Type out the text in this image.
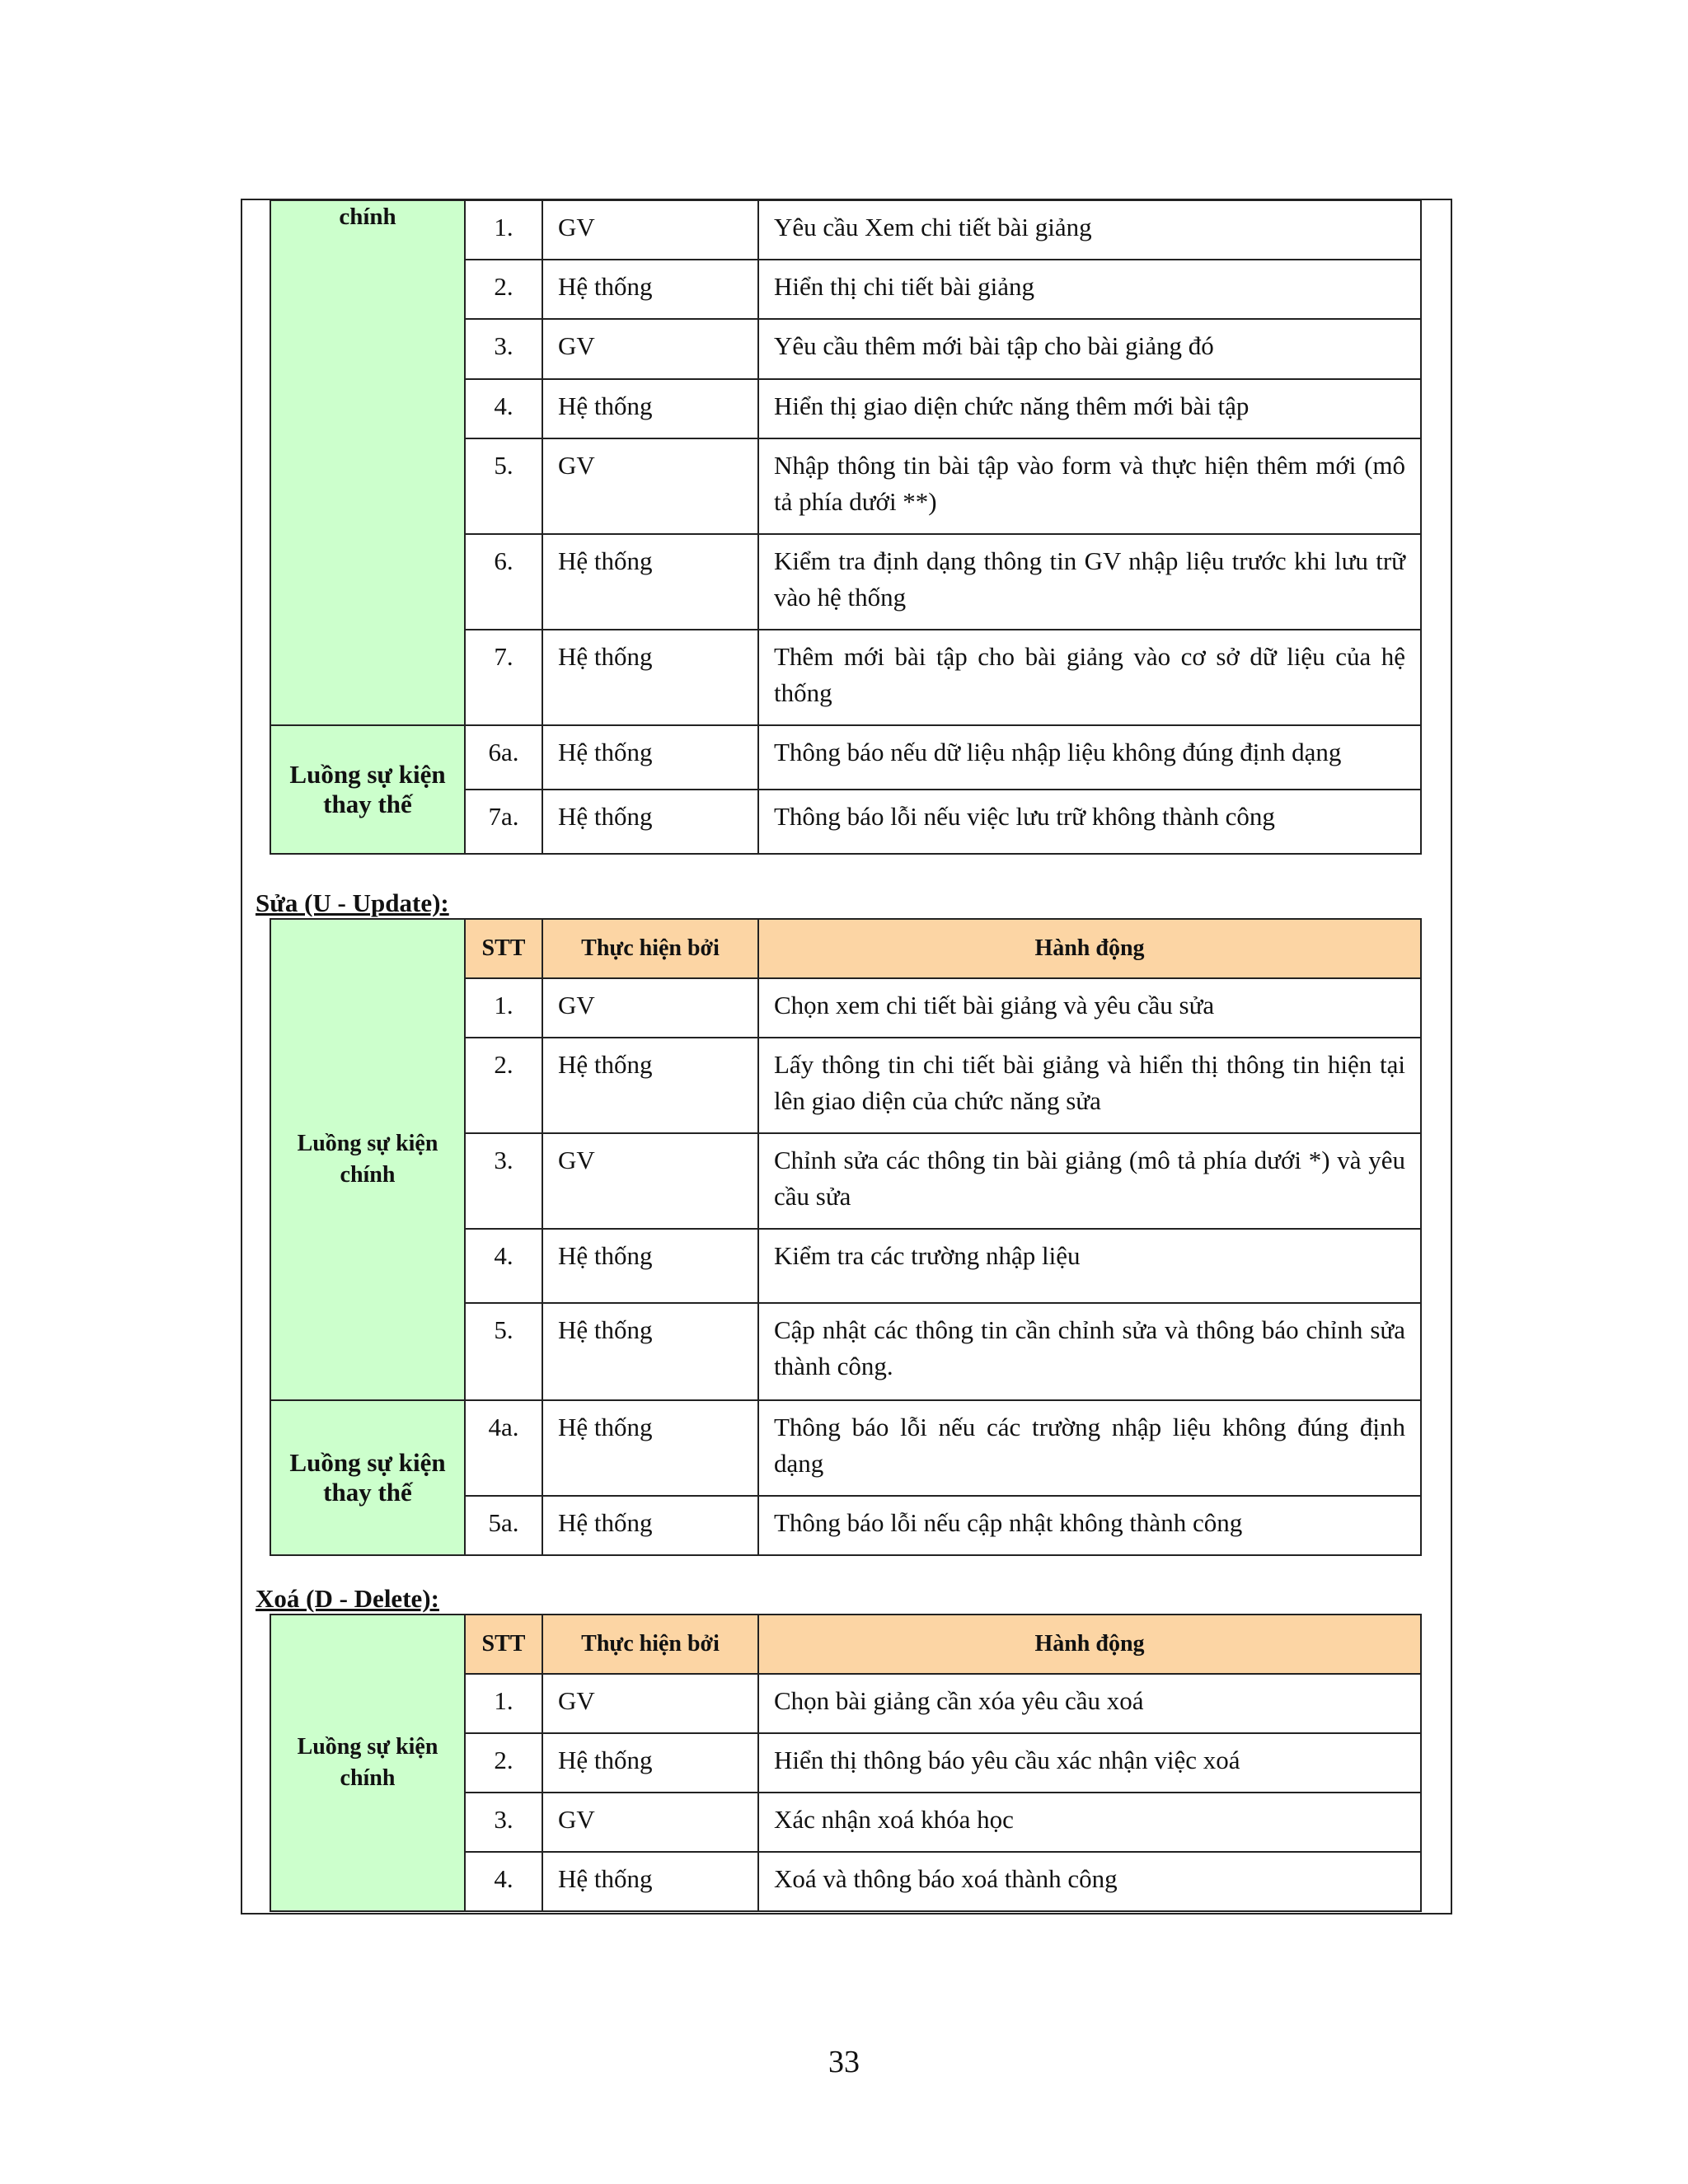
chính	1.	GV	Yêu cầu Xem chi tiết bài giảng
	2.	Hệ thống	Hiển thị chi tiết bài giảng
	3.	GV	Yêu cầu thêm mới bài tập cho bài giảng đó
	4.	Hệ thống	Hiển thị giao diện chức năng thêm mới bài tập
	5.	GV	Nhập thông tin bài tập vào form và thực hiện thêm mới (mô tả phía dưới **)
	6.	Hệ thống	Kiểm tra định dạng thông tin GV nhập liệu trước khi lưu trữ vào hệ thống
	7.	Hệ thống	Thêm mới bài tập cho bài giảng vào cơ sở dữ liệu của hệ thống
Luồng sự kiện thay thế	6a.	Hệ thống	Thông báo nếu dữ liệu nhập liệu không đúng định dạng
	7a.	Hệ thống	Thông báo lỗi nếu việc lưu trữ không thành công
Sửa (U - Update):
Luồng sự kiện chính	STT	Thực hiện bởi	Hành động
	1.	GV	Chọn xem chi tiết bài giảng và yêu cầu sửa
	2.	Hệ thống	Lấy thông tin chi tiết bài giảng và hiển thị thông tin hiện tại lên giao diện của chức năng sửa
	3.	GV	Chỉnh sửa các thông tin bài giảng (mô tả phía dưới *) và yêu cầu sửa
	4.	Hệ thống	Kiểm tra các trường nhập liệu
	5.	Hệ thống	Cập nhật các thông tin cần chỉnh sửa và thông báo chỉnh sửa thành công.
Luồng sự kiện thay thế	4a.	Hệ thống	Thông báo lỗi nếu các trường nhập liệu không đúng định dạng
	5a.	Hệ thống	Thông báo lỗi nếu cập nhật không thành công
Xoá (D - Delete):
Luồng sự kiện chính	STT	Thực hiện bởi	Hành động
	1.	GV	Chọn bài giảng cần xóa yêu cầu xoá
	2.	Hệ thống	Hiển thị thông báo yêu cầu xác nhận việc xoá
	3.	GV	Xác nhận xoá khóa học
	4.	Hệ thống	Xoá và thông báo xoá thành công
33
